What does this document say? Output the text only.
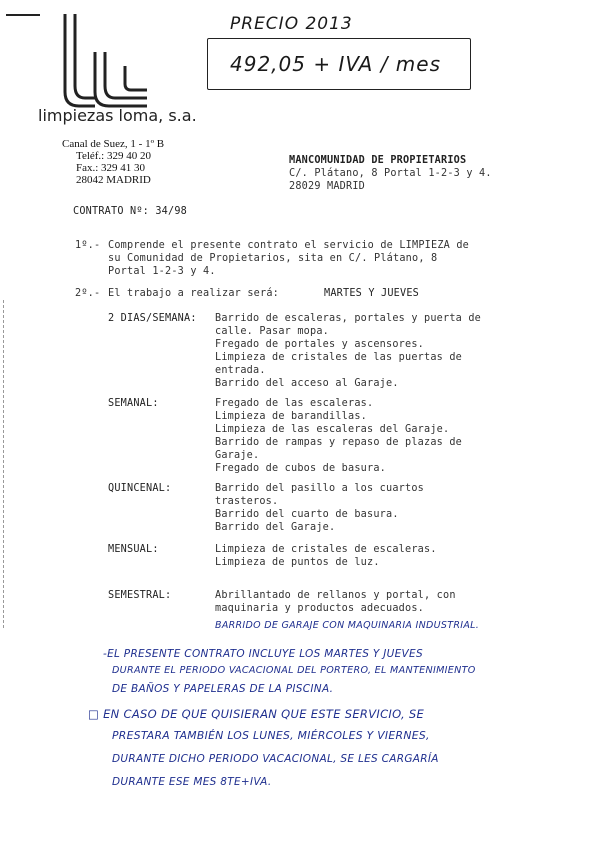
limpiezas loma, s.a.
Canal de Suez, 1 - 1º B
Teléf.: 329 40 20
Fax.: 329 41 30
28042 MADRID
PRECIO 2013
492,05 + IVA / mes
MANCOMUNIDAD DE PROPIETARIOS
C/. Plátano, 8 Portal 1-2-3 y 4.
28029 MADRID
CONTRATO Nº: 34/98
1º.- Comprende el presente contrato el servicio de LIMPIEZA de
su Comunidad de Propietarios, sita en C/. Plátano, 8
Portal 1-2-3 y 4.
2º.- El trabajo a realizar será:	MARTES Y JUEVES
2 DIAS/SEMANA: Barrido de escaleras, portales y puerta de
calle. Pasar mopa.
Fregado de portales y ascensores.
Limpieza de cristales de las puertas de
entrada.
Barrido del acceso al Garaje.
SEMANAL:	Fregado de las escaleras.
Limpieza de barandillas.
Limpieza de las escaleras del Garaje.
Barrido de rampas y repaso de plazas de
Garaje.
Fregado de cubos de basura.
QUINCENAL:	Barrido del pasillo a los cuartos
trasteros.
Barrido del cuarto de basura.
Barrido del Garaje.
MENSUAL:	Limpieza de cristales de escaleras.
Limpieza de puntos de luz.
SEMESTRAL:	Abrillantado de rellanos y portal, con
maquinaria y productos adecuados.
BARRIDO DE GARAJE CON MAQUINARIA INDUSTRIAL.
-EL PRESENTE CONTRATO INCLUYE LOS MARTES Y JUEVES
DURANTE EL PERIODO VACACIONAL DEL PORTERO, EL MANTENIMIENTO
DE BAÑOS Y PAPELERAS DE LA PISCINA.
□ EN CASO DE QUE QUISIERAN QUE ESTE SERVICIO, SE
PRESTARA TAMBIÉN LOS LUNES, MIÉRCOLES Y VIERNES,
DURANTE DICHO PERIODO VACACIONAL, SE LES CARGARÍA
DURANTE ESE MES 8TE+IVA.
